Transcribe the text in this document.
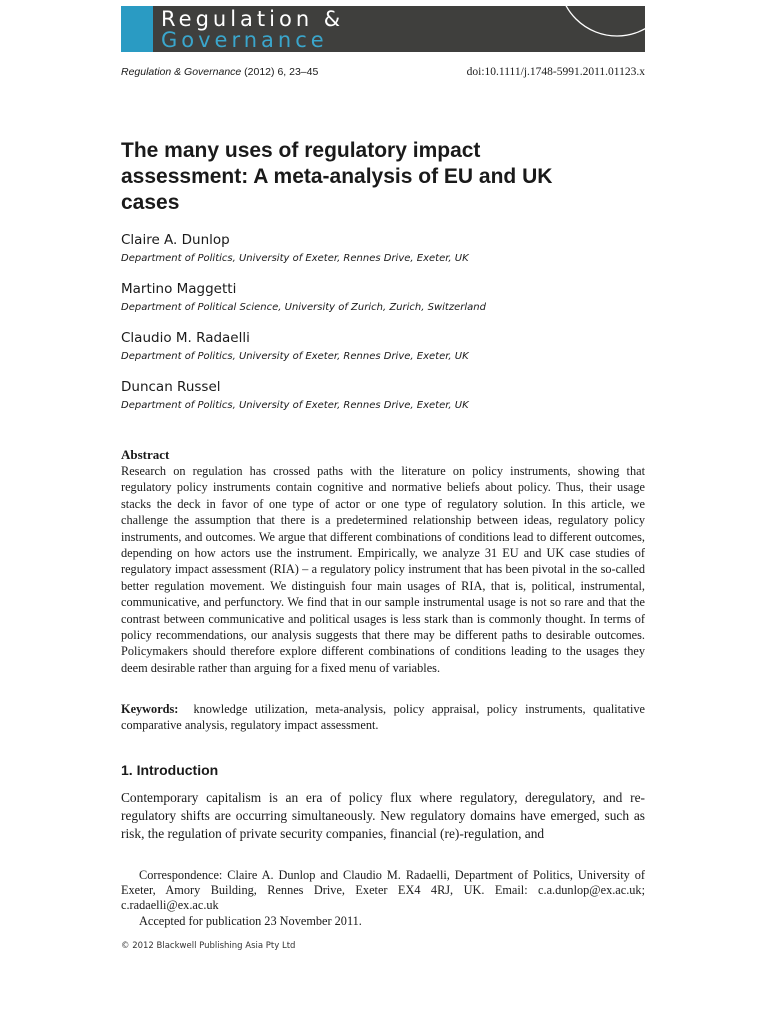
Regulation &
Governance
Regulation & Governance (2012) 6, 23–45	doi:10.1111/j.1748-5991.2011.01123.x
The many uses of regulatory impact assessment: A meta-analysis of EU and UK cases
Claire A. Dunlop
Department of Politics, University of Exeter, Rennes Drive, Exeter, UK
Martino Maggetti
Department of Political Science, University of Zurich, Zurich, Switzerland
Claudio M. Radaelli
Department of Politics, University of Exeter, Rennes Drive, Exeter, UK
Duncan Russel
Department of Politics, University of Exeter, Rennes Drive, Exeter, UK
Abstract
Research on regulation has crossed paths with the literature on policy instruments, showing that regulatory policy instruments contain cognitive and normative beliefs about policy. Thus, their usage stacks the deck in favor of one type of actor or one type of regulatory solution. In this article, we challenge the assumption that there is a predetermined relationship between ideas, regulatory policy instruments, and outcomes. We argue that different combinations of conditions lead to different outcomes, depending on how actors use the instrument. Empirically, we analyze 31 EU and UK case studies of regulatory impact assessment (RIA) – a regulatory policy instrument that has been pivotal in the so-called better regulation movement. We distinguish four main usages of RIA, that is, political, instrumental, communicative, and perfunctory. We find that in our sample instrumental usage is not so rare and that the contrast between communicative and political usages is less stark than is commonly thought. In terms of policy recommendations, our analysis suggests that there may be different paths to desirable outcomes. Policymakers should therefore explore different combinations of conditions leading to the usages they deem desirable rather than arguing for a fixed menu of variables.
Keywords: knowledge utilization, meta-analysis, policy appraisal, policy instruments, qualitative comparative analysis, regulatory impact assessment.
1. Introduction
Contemporary capitalism is an era of policy flux where regulatory, deregulatory, and re-regulatory shifts are occurring simultaneously. New regulatory domains have emerged, such as risk, the regulation of private security companies, financial (re)-regulation, and
Correspondence: Claire A. Dunlop and Claudio M. Radaelli, Department of Politics, University of Exeter, Amory Building, Rennes Drive, Exeter EX4 4RJ, UK. Email: c.a.dunlop@ex.ac.uk; c.radaelli@ex.ac.uk
Accepted for publication 23 November 2011.
© 2012 Blackwell Publishing Asia Pty Ltd
